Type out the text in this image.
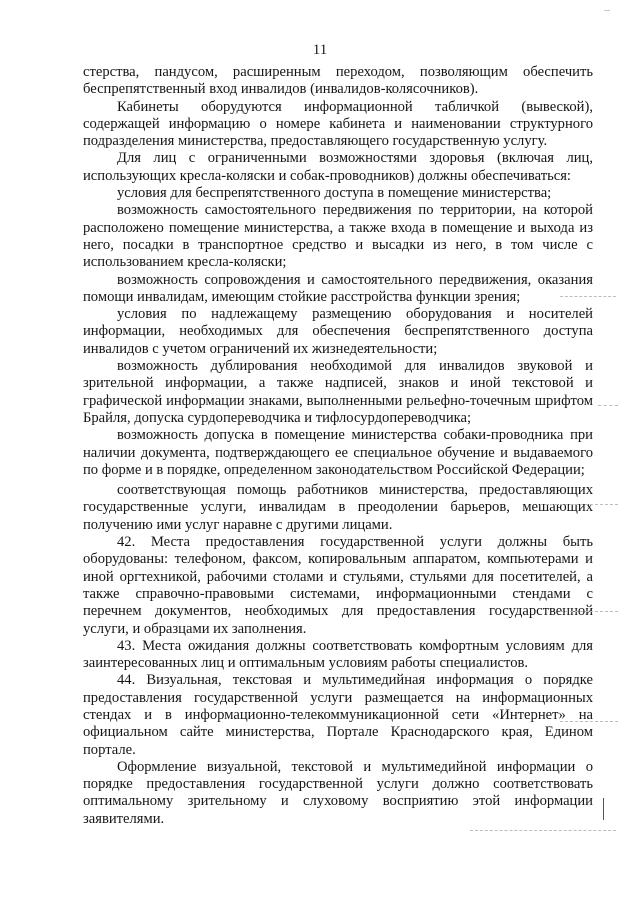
11

стерства, пандусом, расширенным переходом, позволяющим обеспечить беспрепятственный вход инвалидов (инвалидов-колясочников).

Кабинеты оборудуются информационной табличкой (вывеской), содержащей информацию о номере кабинета и наименовании структурного подразделения министерства, предоставляющего государственную услугу.

Для лиц с ограниченными возможностями здоровья (включая лиц, использующих кресла-коляски и собак-проводников) должны обеспечиваться:

условия для беспрепятственного доступа в помещение министерства;

возможность самостоятельного передвижения по территории, на которой расположено помещение министерства, а также входа в помещение и выхода из него, посадки в транспортное средство и высадки из него, в том числе с использованием кресла-коляски;

возможность сопровождения и самостоятельного передвижения, оказания помощи инвалидам, имеющим стойкие расстройства функции зрения;

условия по надлежащему размещению оборудования и носителей информации, необходимых для обеспечения беспрепятственного доступа инвалидов с учетом ограничений их жизнедеятельности;

возможность дублирования необходимой для инвалидов звуковой и зрительной информации, а также надписей, знаков и иной текстовой и графической информации знаками, выполненными рельефно-точечным шрифтом Брайля, допуска сурдопереводчика и тифлосурдопереводчика;

возможность допуска в помещение министерства собаки-проводника при наличии документа, подтверждающего ее специальное обучение и выдаваемого по форме и в порядке, определенном законодательством Российской Федерации;

соответствующая помощь работников министерства, предоставляющих государственные услуги, инвалидам в преодолении барьеров, мешающих получению ими услуг наравне с другими лицами.

42. Места предоставления государственной услуги должны быть оборудованы: телефоном, факсом, копировальным аппаратом, компьютерами и иной оргтехникой, рабочими столами и стульями, стульями для посетителей, а также справочно-правовыми системами, информационными стендами с перечнем документов, необходимых для предоставления государственной услуги, и образцами их заполнения.

43. Места ожидания должны соответствовать комфортным условиям для заинтересованных лиц и оптимальным условиям работы специалистов.

44. Визуальная, текстовая и мультимедийная информация о порядке предоставления государственной услуги размещается на информационных стендах и в информационно-телекоммуникационной сети «Интернет» на официальном сайте министерства, Портале Краснодарского края, Едином портале.

Оформление визуальной, текстовой и мультимедийной информации о порядке предоставления государственной услуги должно соответствовать оптимальному зрительному и слуховому восприятию этой информации заявителями.
